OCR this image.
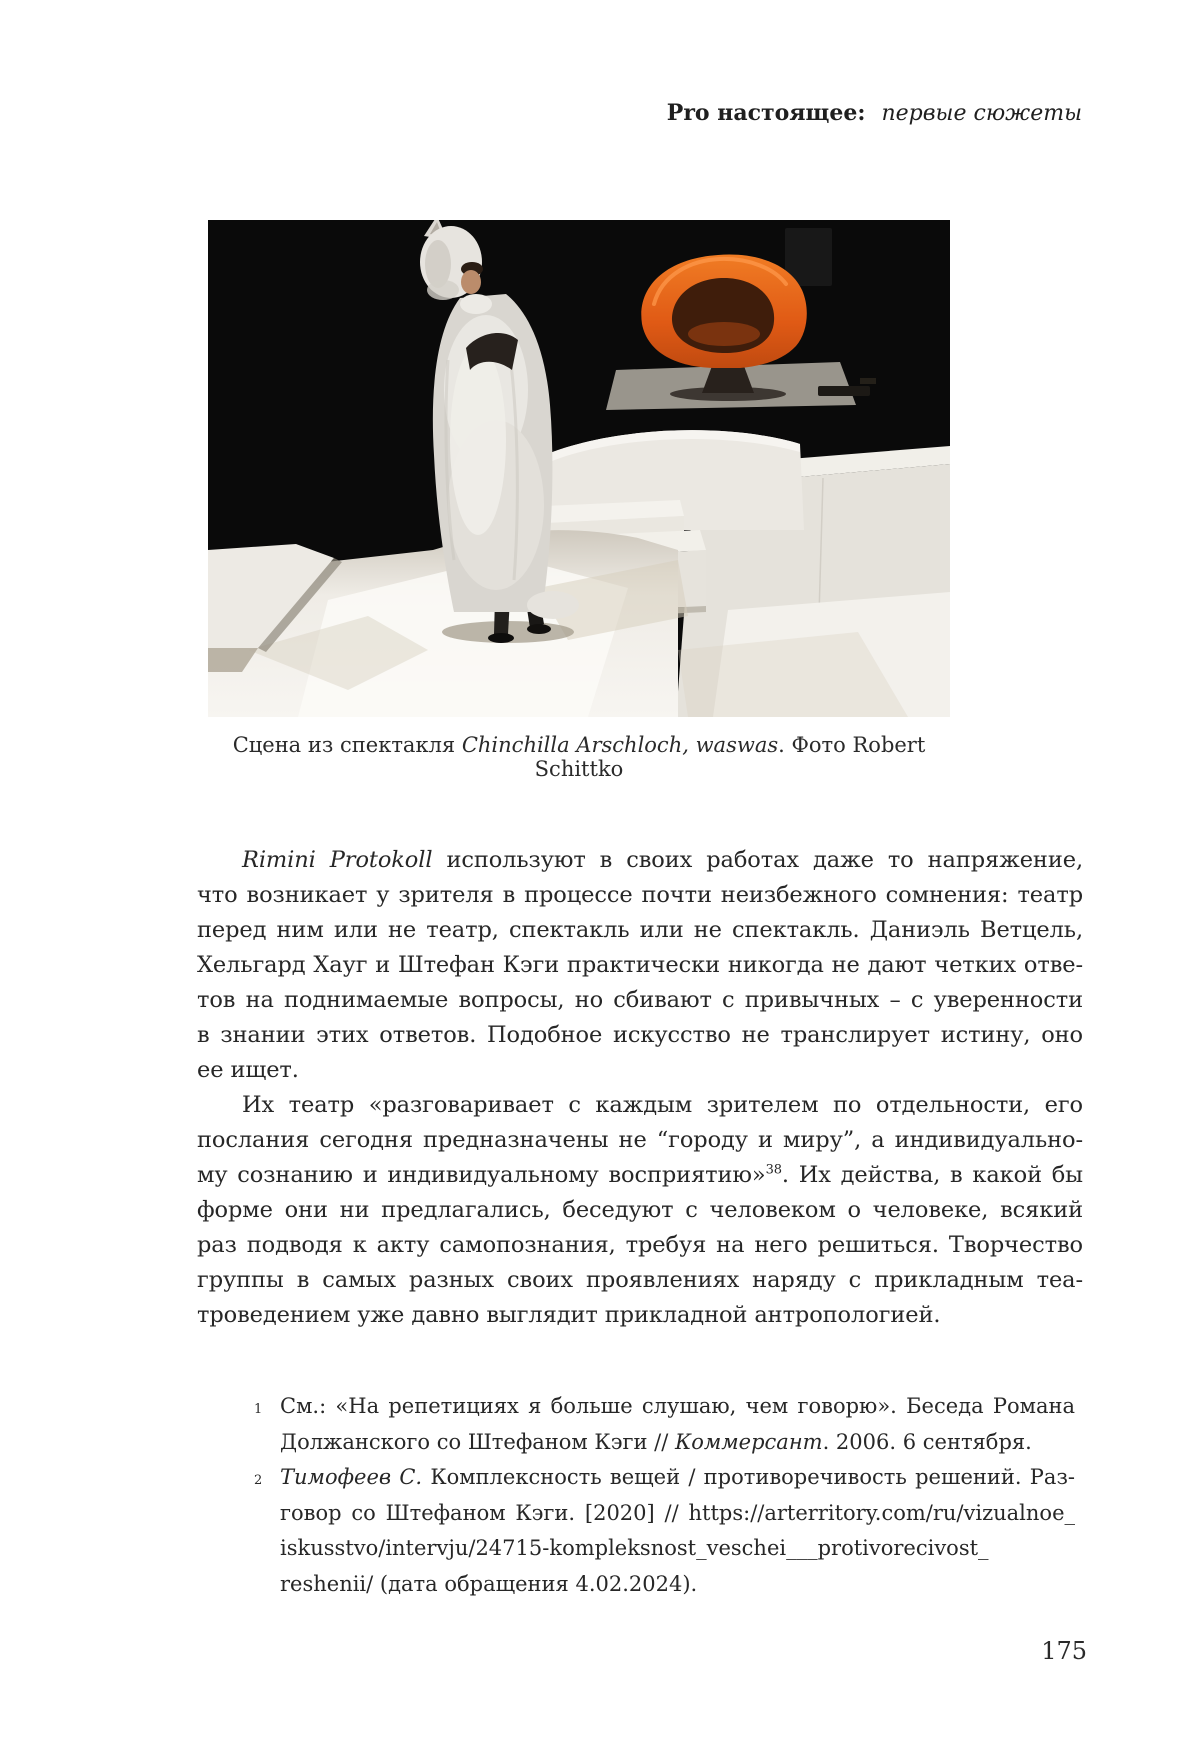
Pro настоящее: первые сюжеты
Сцена из спектакля Chinchilla Arschloch, waswas. Фото Robert Schittko
Rimini Protokoll используют в своих работах даже то напряжение,
что возникает у зрителя в процессе почти неизбежного сомнения: театр
перед ним или не театр, спектакль или не спектакль. Даниэль Ветцель,
Хельгард Хауг и Штефан Кэги практически никогда не дают четких отве-
тов на поднимаемые вопросы, но сбивают с привычных – с уверенности
в знании этих ответов. Подобное искусство не транслирует истину, оно
ее ищет.
Их театр «разговаривает с каждым зрителем по отдельности, его
послания сегодня предназначены не “городу и миру”, а индивидуально-
му сознанию и индивидуальному восприятию»$^{38}$. Их действа, в какой бы
форме они ни предлагались, беседуют с человеком о человеке, всякий
раз подводя к акту самопознания, требуя на него решиться. Творчество
группы в самых разных своих проявлениях наряду с прикладным теа-
троведением уже давно выглядит прикладной антропологией.
1 См.: «На репетициях я больше слушаю, чем говорю». Беседа Романа
Должанского со Штефаном Кэги // Коммерсант. 2006. 6 сентября.
2 Тимофеев С. Комплексность вещей / противоречивость решений. Раз-
говор со Штефаном Кэги. [2020] // https://arterritory.com/ru/vizualnoe_
iskusstvo/intervju/24715-kompleksnost_veschei___protivorecivost_
reshenii/ (дата обращения 4.02.2024).
175
